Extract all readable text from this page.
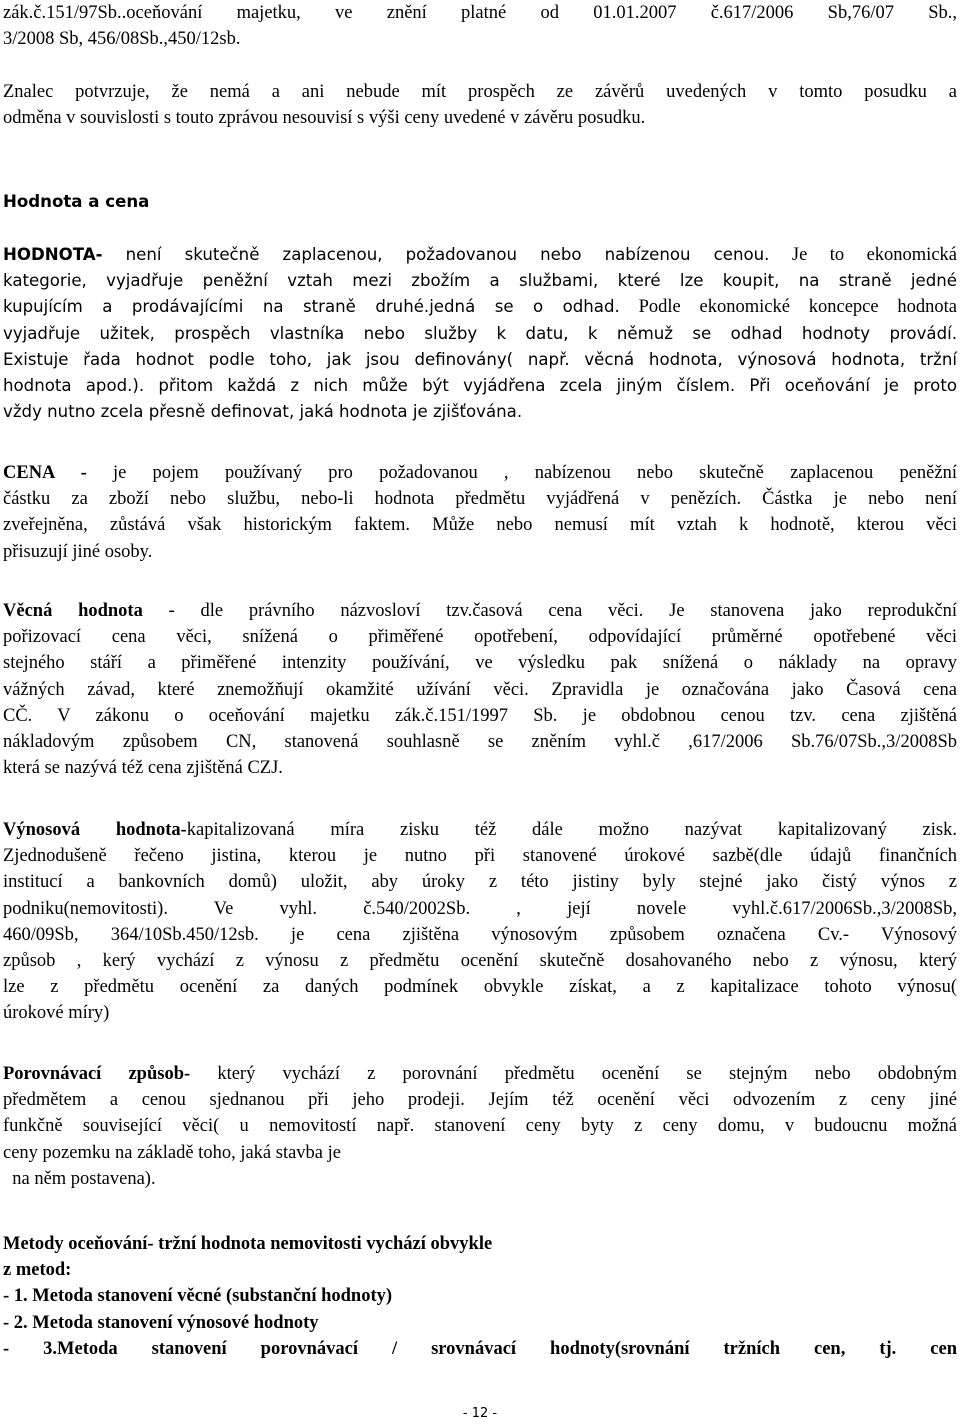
zák.č.151/97Sb..oceňování majetku, ve znění platné od 01.01.2007 č.617/2006 Sb,76/07 Sb.,
3/2008 Sb, 456/08Sb.,450/12sb.
Znalec potvrzuje, že nemá a ani nebude mít prospěch ze závěrů uvedených v tomto posudku a
odměna v souvislosti s touto zprávou nesouvisí s výši ceny uvedené v závěru posudku.
Hodnota a cena
HODNOTA- není skutečně zaplacenou, požadovanou nebo nabízenou cenou. Je to ekonomická
kategorie, vyjadřuje peněžní vztah mezi zbožím a službami, které lze koupit, na straně jedné
kupujícím a prodávajícími na straně druhé.jedná se o odhad. Podle ekonomické koncepce hodnota
vyjadřuje užitek, prospěch vlastníka nebo služby k datu, k němuž se odhad hodnoty provádí.
Existuje řada hodnot podle toho, jak jsou definovány( např. věcná hodnota, výnosová hodnota, tržní
hodnota apod.). přitom každá z nich může být vyjádřena zcela jiným číslem. Při oceňování je proto
vždy nutno zcela přesně definovat, jaká hodnota je zjišťována.
CENA - je pojem používaný pro požadovanou , nabízenou nebo skutečně zaplacenou peněžní
částku za zboží nebo službu, nebo-li hodnota předmětu vyjádřená v penězích. Částka je nebo není
zveřejněna, zůstává však historickým faktem. Může nebo nemusí mít vztah k hodnotě, kterou věci
přisuzují jiné osoby.
Věcná hodnota - dle právního názvosloví tzv.časová cena věci. Je stanovena jako reprodukční
pořizovací cena věci, snížená o přiměřené opotřebení, odpovídající průměrné opotřebené věci
stejného stáří a přiměřené intenzity používání, ve výsledku pak snížená o náklady na opravy
vážných závad, které znemožňují okamžité užívání věci. Zpravidla je označována jako Časová cena
CČ. V zákonu o oceňování majetku zák.č.151/1997 Sb. je obdobnou cenou tzv. cena zjištěná
nákladovým způsobem CN, stanovená souhlasně se zněním vyhl.č ,617/2006 Sb.76/07Sb.,3/2008Sb
která se nazývá též cena zjištěná CZJ.
Výnosová hodnota-kapitalizovaná míra zisku též dále možno nazývat kapitalizovaný zisk.
Zjednodušeně řečeno jistina, kterou je nutno při stanovené úrokové sazbě(dle údajů finančních
institucí a bankovních domů) uložit, aby úroky z této jistiny byly stejné jako čistý výnos z
podniku(nemovitosti). Ve vyhl. č.540/2002Sb. , její novele vyhl.č.617/2006Sb.,3/2008Sb,
460/09Sb, 364/10Sb.450/12sb. je cena zjištěna výnosovým způsobem označena Cv.- Výnosový
způsob , kerý vychází z výnosu z předmětu ocenění skutečně dosahovaného nebo z výnosu, který
lze z předmětu ocenění za daných podmínek obvykle získat, a z kapitalizace tohoto výnosu(
úrokové míry)
Porovnávací způsob- který vychází z porovnání předmětu ocenění se stejným nebo obdobným
předmětem a cenou sjednanou při jeho prodeji. Jejím též ocenění věci odvozením z ceny jiné
funkčně související věci( u nemovitostí např. stanovení ceny byty z ceny domu, v budoucnu možná
ceny pozemku na základě toho, jaká stavba je
na něm postavena).
Metody oceňování- tržní hodnota nemovitosti vychází obvykle
z metod:
- 1. Metoda stanovení věcné (substanční hodnoty)
- 2. Metoda stanovení výnosové hodnoty
- 3.Metoda stanovení porovnávací / srovnávací hodnoty(srovnání tržních cen, tj. cen
- 12 -
